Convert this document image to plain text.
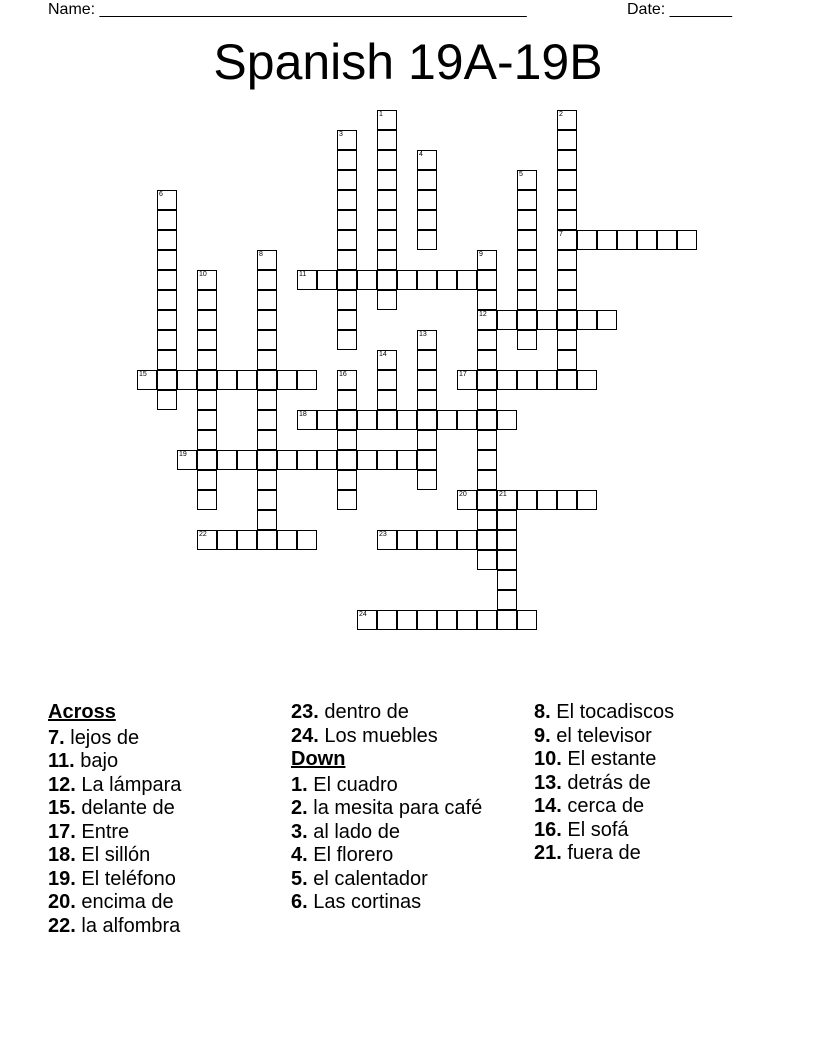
Name: ________________________________________________	Date: _______
Spanish 19A-19B
1	2
7
3
4
5
6
8	9
12
10	11
13
14
15	16	17
18
19
20	21
22	23
24
Across
7. lejos de
11. bajo
12. La lámpara
15. delante de
17. Entre
18. El sillón
19. El teléfono
20. encima de
22. la alfombra
23. dentro de
24. Los muebles
Down
1. El cuadro
2. la mesita para café
3. al lado de
4. El florero
5. el calentador
6. Las cortinas
8. El tocadiscos
9. el televisor
10. El estante
13. detrás de
14. cerca de
16. El sofá
21. fuera de
